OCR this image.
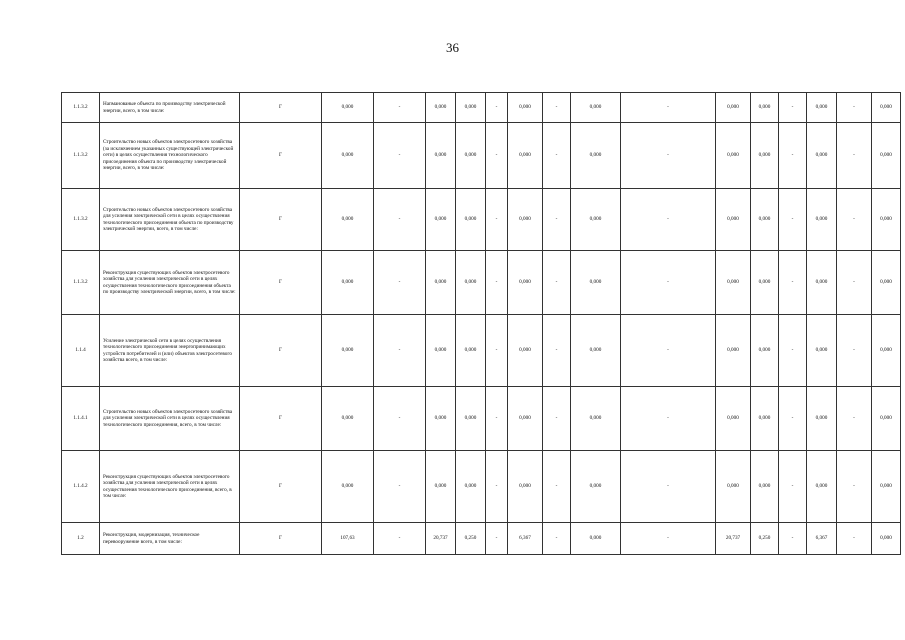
36
1.1.3.2	Напманованые объекта по производству электрической энергии, всего, в том числе:	Г	0,000	-	0,000	0,000	-	0,000	-	0,000	-	0,000	0,000	-	0,000	-	0,000
1.1.3.2	Строительство новых объектов электросетевого хозяйства (за исключением указанных существующей электрической сети) в целях осуществления технологического присоединения объекта по производству электрической энергии, всего, в том числе:	Г	0,000	-	0,000	0,000	-	0,000	-	0,000	-	0,000	0,000	-	0,000	-	0,000
1.1.3.2	Строительство новых объектов электросетевого хозяйства для усиления электрической сети в целях осуществления технологического присоединения объекта по производству электрической энергии, всего, в том числе:	Г	0,000	-	0,000	0,000	-	0,000	-	0,000	-	0,000	0,000	-	0,000	-	0,000
1.1.3.2	Реконструкция существующих объектов электросетевого хозяйства для усиления электрической сети в целях осуществления технологического присоединения объекта по производству электрической энергии, всего, в том числе:	Г	0,000	-	0,000	0,000	-	0,000	-	0,000	-	0,000	0,000	-	0,000	-	0,000
1.1.4	Усиление электрической сети в целях осуществления технологического присоединения энергопринимающих устройств потребителей и (или) объектов электросетевого хозяйства всего, в том числе:	Г	0,000	-	0,000	0,000	-	0,000	-	0,000	-	0,000	0,000	-	0,000	-	0,000
1.1.4.1	Строительство новых объектов электросетевого хозяйства для усиления электрической сети в целях осуществления технологического присоединения, всего, в том числе:	Г	0,000	-	0,000	0,000	-	0,000	-	0,000	-	0,000	0,000	-	0,000	-	0,000
1.1.4.2	Реконструкция существующих объектов электросетевого хозяйства для усиления электрической сети в целях осуществления технологического присоединения, всего, в том числе:	Г	0,000	-	0,000	0,000	-	0,000	-	0,000	-	0,000	0,000	-	0,000	-	0,000
1.2	Реконструкция, модернизация, техническое перевооружение всего, в том числе:	Г	107,63	-	20,737	0,250	-	6,367	-	0,000	-	20,737	0,250	-	6,367	-	0,000
